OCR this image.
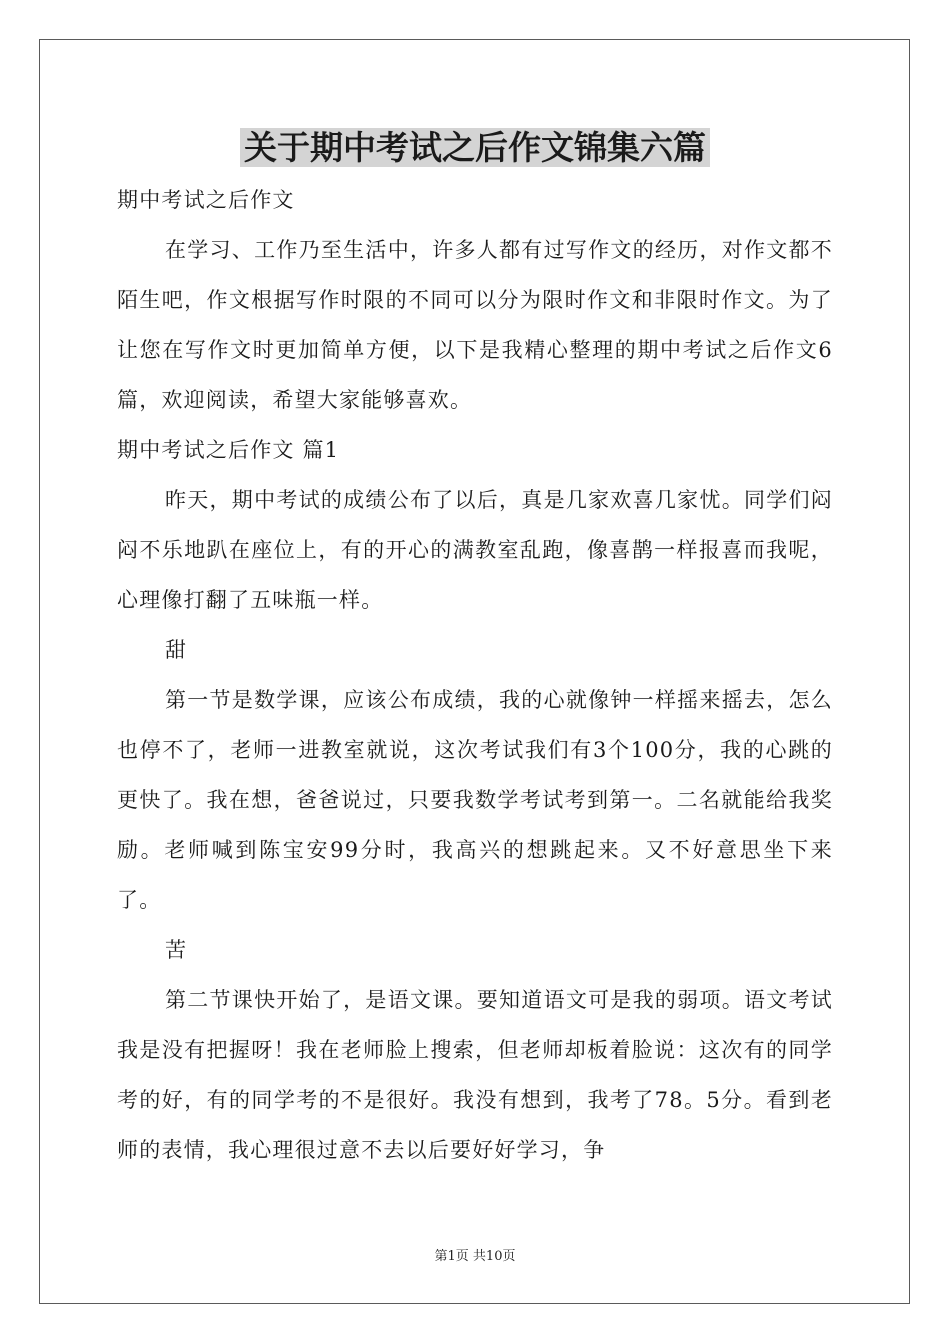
关于期中考试之后作文锦集六篇

期中考试之后作文

在学习、工作乃至生活中，许多人都有过写作文的经历，对作文都不陌生吧，作文根据写作时限的不同可以分为限时作文和非限时作文。为了让您在写作文时更加简单方便，以下是我精心整理的期中考试之后作文6篇，欢迎阅读，希望大家能够喜欢。

期中考试之后作文 篇1

昨天，期中考试的成绩公布了以后，真是几家欢喜几家忧。同学们闷闷不乐地趴在座位上，有的开心的满教室乱跑，像喜鹊一样报喜而我呢，心理像打翻了五味瓶一样。

甜

第一节是数学课，应该公布成绩，我的心就像钟一样摇来摇去，怎么也停不了，老师一进教室就说，这次考试我们有3个100分，我的心跳的更快了。我在想，爸爸说过，只要我数学考试考到第一。二名就能给我奖励。老师喊到陈宝安99分时，我高兴的想跳起来。又不好意思坐下来了。

苦

第二节课快开始了，是语文课。要知道语文可是我的弱项。语文考试我是没有把握呀！我在老师脸上搜索，但老师却板着脸说：这次有的同学考的好，有的同学考的不是很好。我没有想到，我考了78。5分。看到老师的表情，我心理很过意不去以后要好好学习，争

第1页 共10页
